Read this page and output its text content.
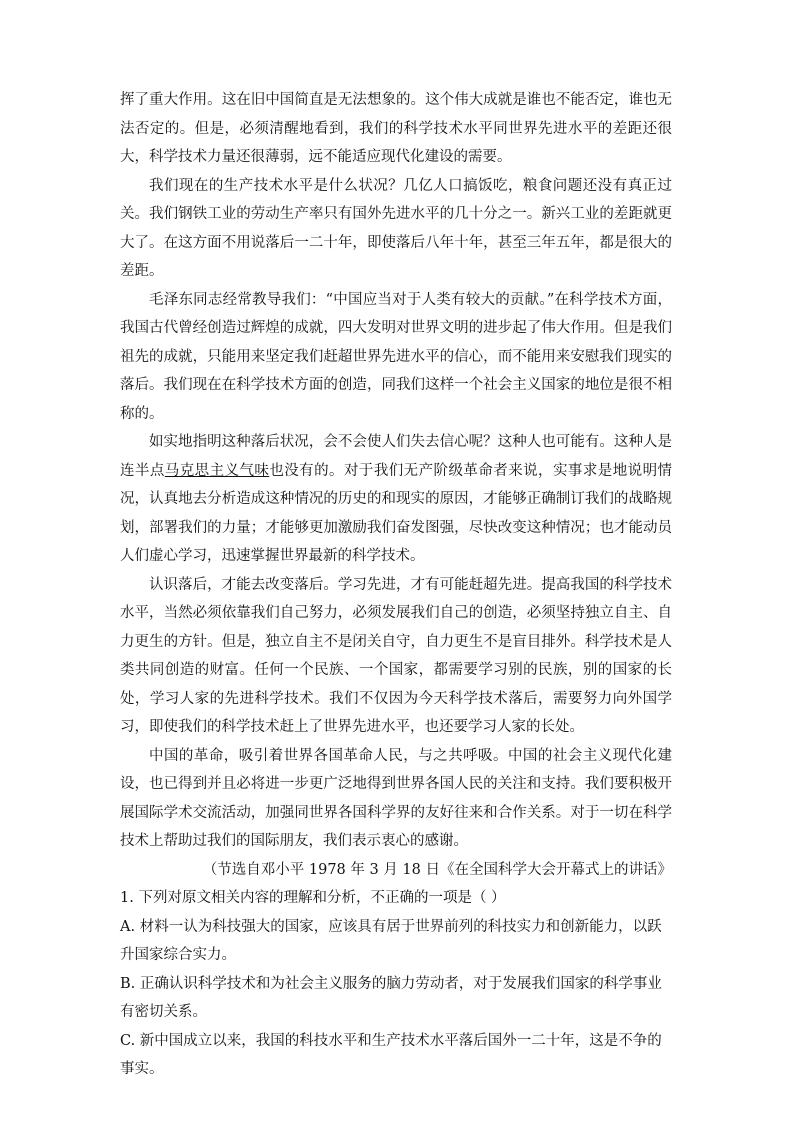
挥了重大作用。这在旧中国简直是无法想象的。这个伟大成就是谁也不能否定，谁也无法否定的。但是，必须清醒地看到，我们的科学技术水平同世界先进水平的差距还很大，科学技术力量还很薄弱，远不能适应现代化建设的需要。

我们现在的生产技术水平是什么状况？几亿人口搞饭吃，粮食问题还没有真正过关。我们钢铁工业的劳动生产率只有国外先进水平的几十分之一。新兴工业的差距就更大了。在这方面不用说落后一二十年，即使落后八年十年，甚至三年五年，都是很大的差距。

毛泽东同志经常教导我们：“中国应当对于人类有较大的贡献。”在科学技术方面，我国古代曾经创造过辉煌的成就，四大发明对世界文明的进步起了伟大作用。但是我们祖先的成就，只能用来坚定我们赶超世界先进水平的信心，而不能用来安慰我们现实的落后。我们现在在科学技术方面的创造，同我们这样一个社会主义国家的地位是很不相称的。

如实地指明这种落后状况，会不会使人们失去信心呢？这种人也可能有。这种人是连半点马克思主义气味也没有的。对于我们无产阶级革命者来说，实事求是地说明情况，认真地去分析造成这种情况的历史的和现实的原因，才能够正确制订我们的战略规划，部署我们的力量；才能够更加激励我们奋发图强，尽快改变这种情况；也才能动员人们虚心学习，迅速掌握世界最新的科学技术。

认识落后，才能去改变落后。学习先进，才有可能赶超先进。提高我国的科学技术水平，当然必须依靠我们自己努力，必须发展我们自己的创造，必须坚持独立自主、自力更生的方针。但是，独立自主不是闭关自守，自力更生不是盲目排外。科学技术是人类共同创造的财富。任何一个民族、一个国家，都需要学习别的民族，别的国家的长处，学习人家的先进科学技术。我们不仅因为今天科学技术落后，需要努力向外国学习，即使我们的科学技术赶上了世界先进水平，也还要学习人家的长处。

中国的革命，吸引着世界各国革命人民，与之共呼吸。中国的社会主义现代化建设，也已得到并且必将进一步更广泛地得到世界各国人民的关注和支持。我们要积极开展国际学术交流活动，加强同世界各国科学界的友好往来和合作关系。对于一切在科学技术上帮助过我们的国际朋友，我们表示衷心的感谢。

（节选自邓小平 1978 年 3 月 18 日《在全国科学大会开幕式上的讲话》

1. 下列对原文相关内容的理解和分析，不正确的一项是（ ）

A. 材料一认为科技强大的国家，应该具有居于世界前列的科技实力和创新能力，以跃升国家综合实力。

B. 正确认识科学技术和为社会主义服务的脑力劳动者，对于发展我们国家的科学事业有密切关系。

C. 新中国成立以来，我国的科技水平和生产技术水平落后国外一二十年，这是不争的事实。
